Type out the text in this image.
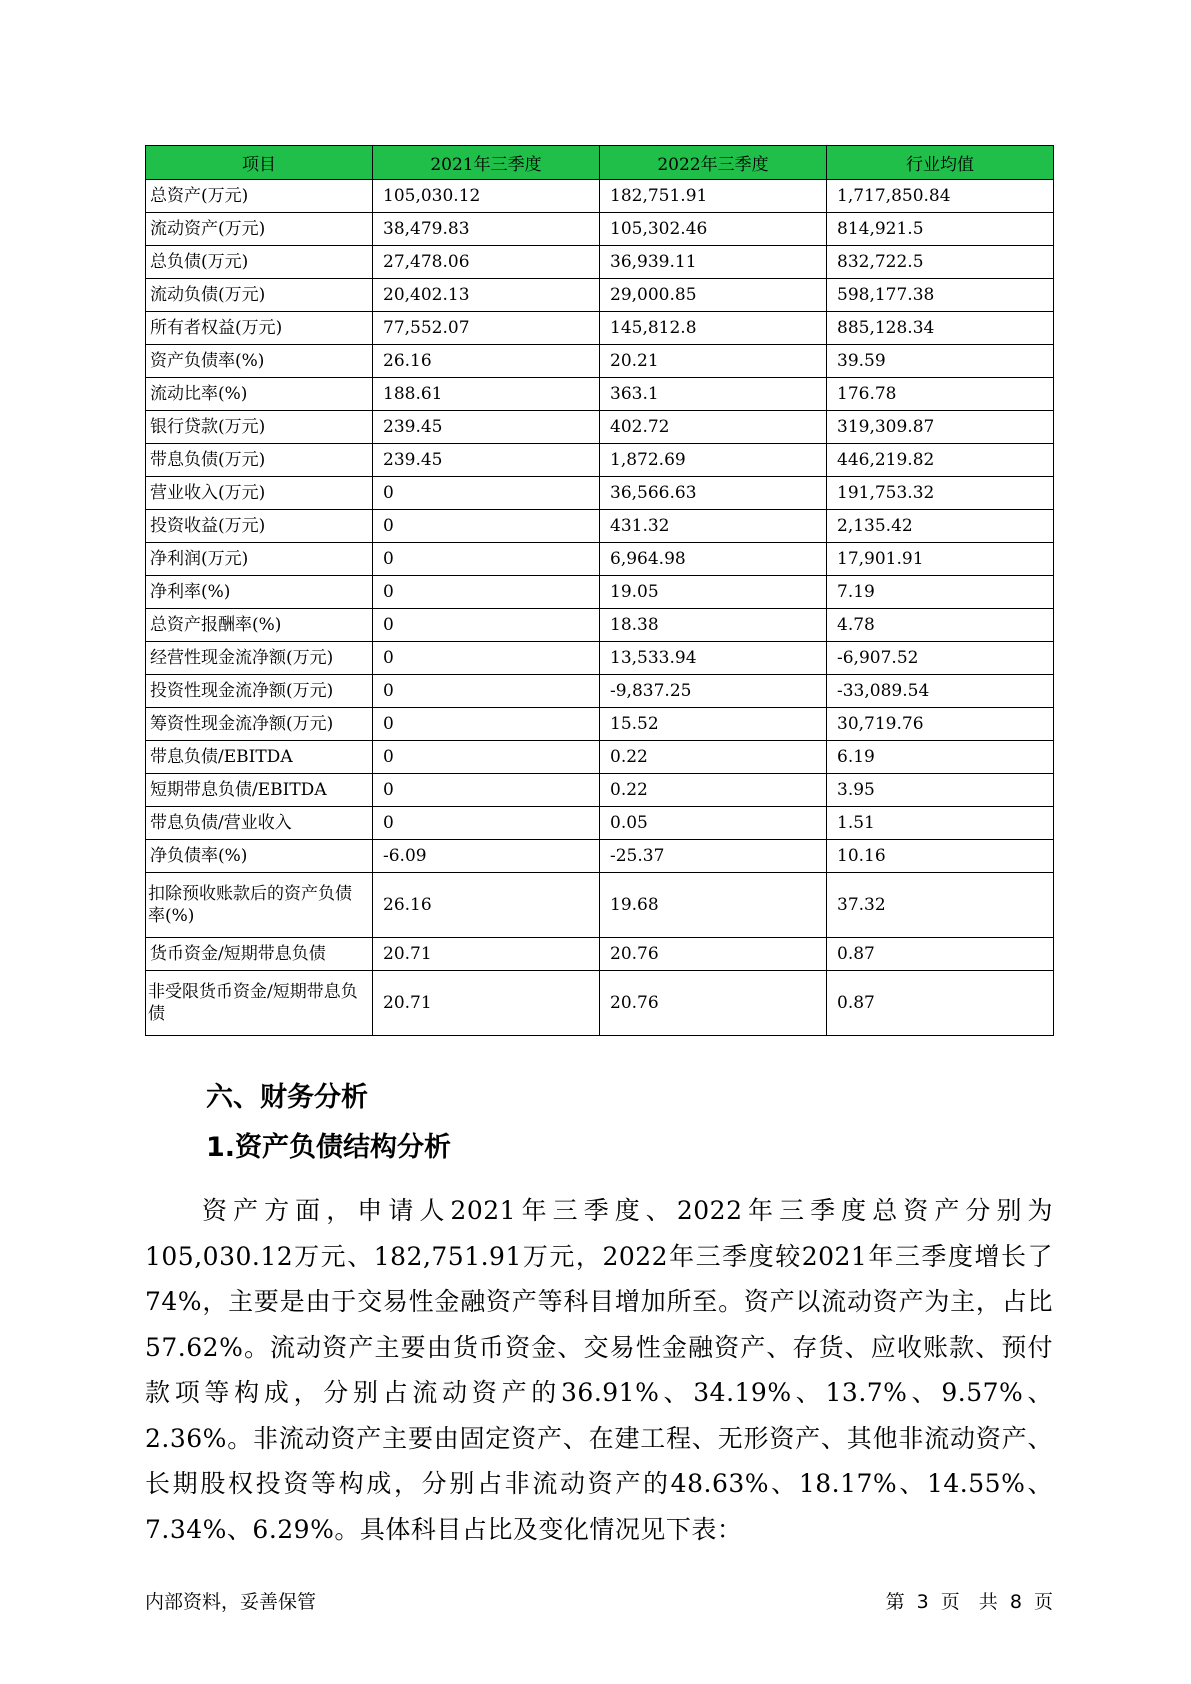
项目	2021年三季度	2022年三季度	行业均值
总资产(万元)	105,030.12	182,751.91	1,717,850.84
流动资产(万元)	38,479.83	105,302.46	814,921.5
总负债(万元)	27,478.06	36,939.11	832,722.5
流动负债(万元)	20,402.13	29,000.85	598,177.38
所有者权益(万元)	77,552.07	145,812.8	885,128.34
资产负债率(%)	26.16	20.21	39.59
流动比率(%)	188.61	363.1	176.78
银行贷款(万元)	239.45	402.72	319,309.87
带息负债(万元)	239.45	1,872.69	446,219.82
营业收入(万元)	0	36,566.63	191,753.32
投资收益(万元)	0	431.32	2,135.42
净利润(万元)	0	6,964.98	17,901.91
净利率(%)	0	19.05	7.19
总资产报酬率(%)	0	18.38	4.78
经营性现金流净额(万元)	0	13,533.94	-6,907.52
投资性现金流净额(万元)	0	-9,837.25	-33,089.54
筹资性现金流净额(万元)	0	15.52	30,719.76
带息负债/EBITDA	0	0.22	6.19
短期带息负债/EBITDA	0	0.22	3.95
带息负债/营业收入	0	0.05	1.51
净负债率(%)	-6.09	-25.37	10.16
扣除预收账款后的资产负债率(%)	26.16	19.68	37.32
货币资金/短期带息负债	20.71	20.76	0.87
非受限货币资金/短期带息负债	20.71	20.76	0.87
六、财务分析
1.资产负债结构分析

资产方面，申请人2021年三季度、2022年三季度总资产分别为105,030.12万元、182,751.91万元，2022年三季度较2021年三季度增长了74%，主要是由于交易性金融资产等科目增加所至。资产以流动资产为主，占比57.62%。流动资产主要由货币资金、交易性金融资产、存货、应收账款、预付款项等构成，分别占流动资产的36.91%、34.19%、13.7%、9.57%、2.36%。非流动资产主要由固定资产、在建工程、无形资产、其他非流动资产、长期股权投资等构成，分别占非流动资产的48.63%、18.17%、14.55%、7.34%、6.29%。具体科目占比及变化情况见下表：

内部资料，妥善保管	第 3 页　共 8 页
